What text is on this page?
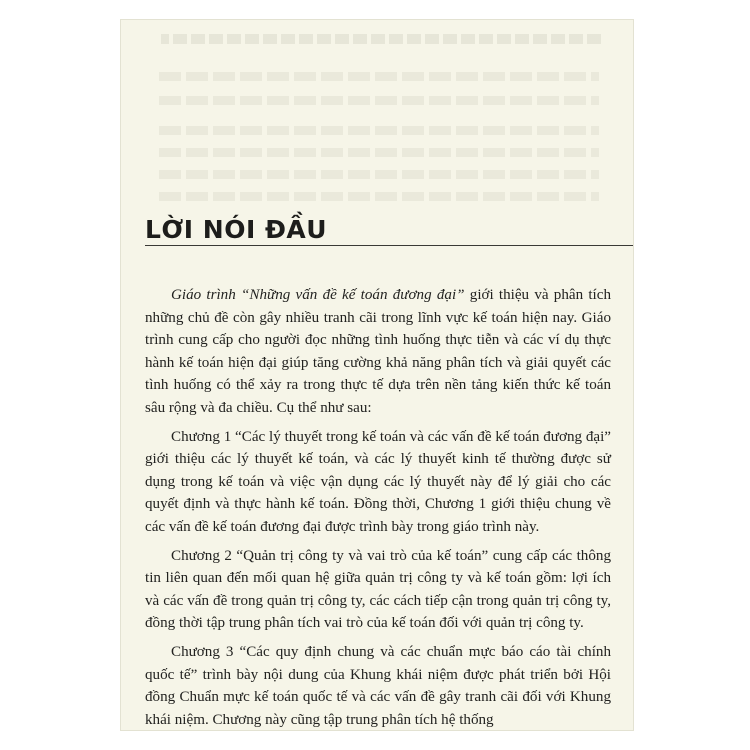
LỜI NÓI ĐẦU

Giáo trình “Những vấn đề kế toán đương đại” giới thiệu và phân tích những chủ đề còn gây nhiều tranh cãi trong lĩnh vực kế toán hiện nay. Giáo trình cung cấp cho người đọc những tình huống thực tiễn và các ví dụ thực hành kế toán hiện đại giúp tăng cường khả năng phân tích và giải quyết các tình huống có thể xảy ra trong thực tế dựa trên nền tảng kiến thức kế toán sâu rộng và đa chiều. Cụ thể như sau:

Chương 1 “Các lý thuyết trong kế toán và các vấn đề kế toán đương đại” giới thiệu các lý thuyết kế toán, và các lý thuyết kinh tế thường được sử dụng trong kế toán và việc vận dụng các lý thuyết này để lý giải cho các quyết định và thực hành kế toán. Đồng thời, Chương 1 giới thiệu chung về các vấn đề kế toán đương đại được trình bày trong giáo trình này.

Chương 2 “Quản trị công ty và vai trò của kế toán” cung cấp các thông tin liên quan đến mối quan hệ giữa quản trị công ty và kế toán gồm: lợi ích và các vấn đề trong quản trị công ty, các cách tiếp cận trong quản trị công ty, đồng thời tập trung phân tích vai trò của kế toán đối với quản trị công ty.

Chương 3 “Các quy định chung và các chuẩn mực báo cáo tài chính quốc tế” trình bày nội dung của Khung khái niệm được phát triển bởi Hội đồng Chuẩn mực kế toán quốc tế và các vấn đề gây tranh cãi đối với Khung khái niệm. Chương này cũng tập trung phân tích hệ thống
